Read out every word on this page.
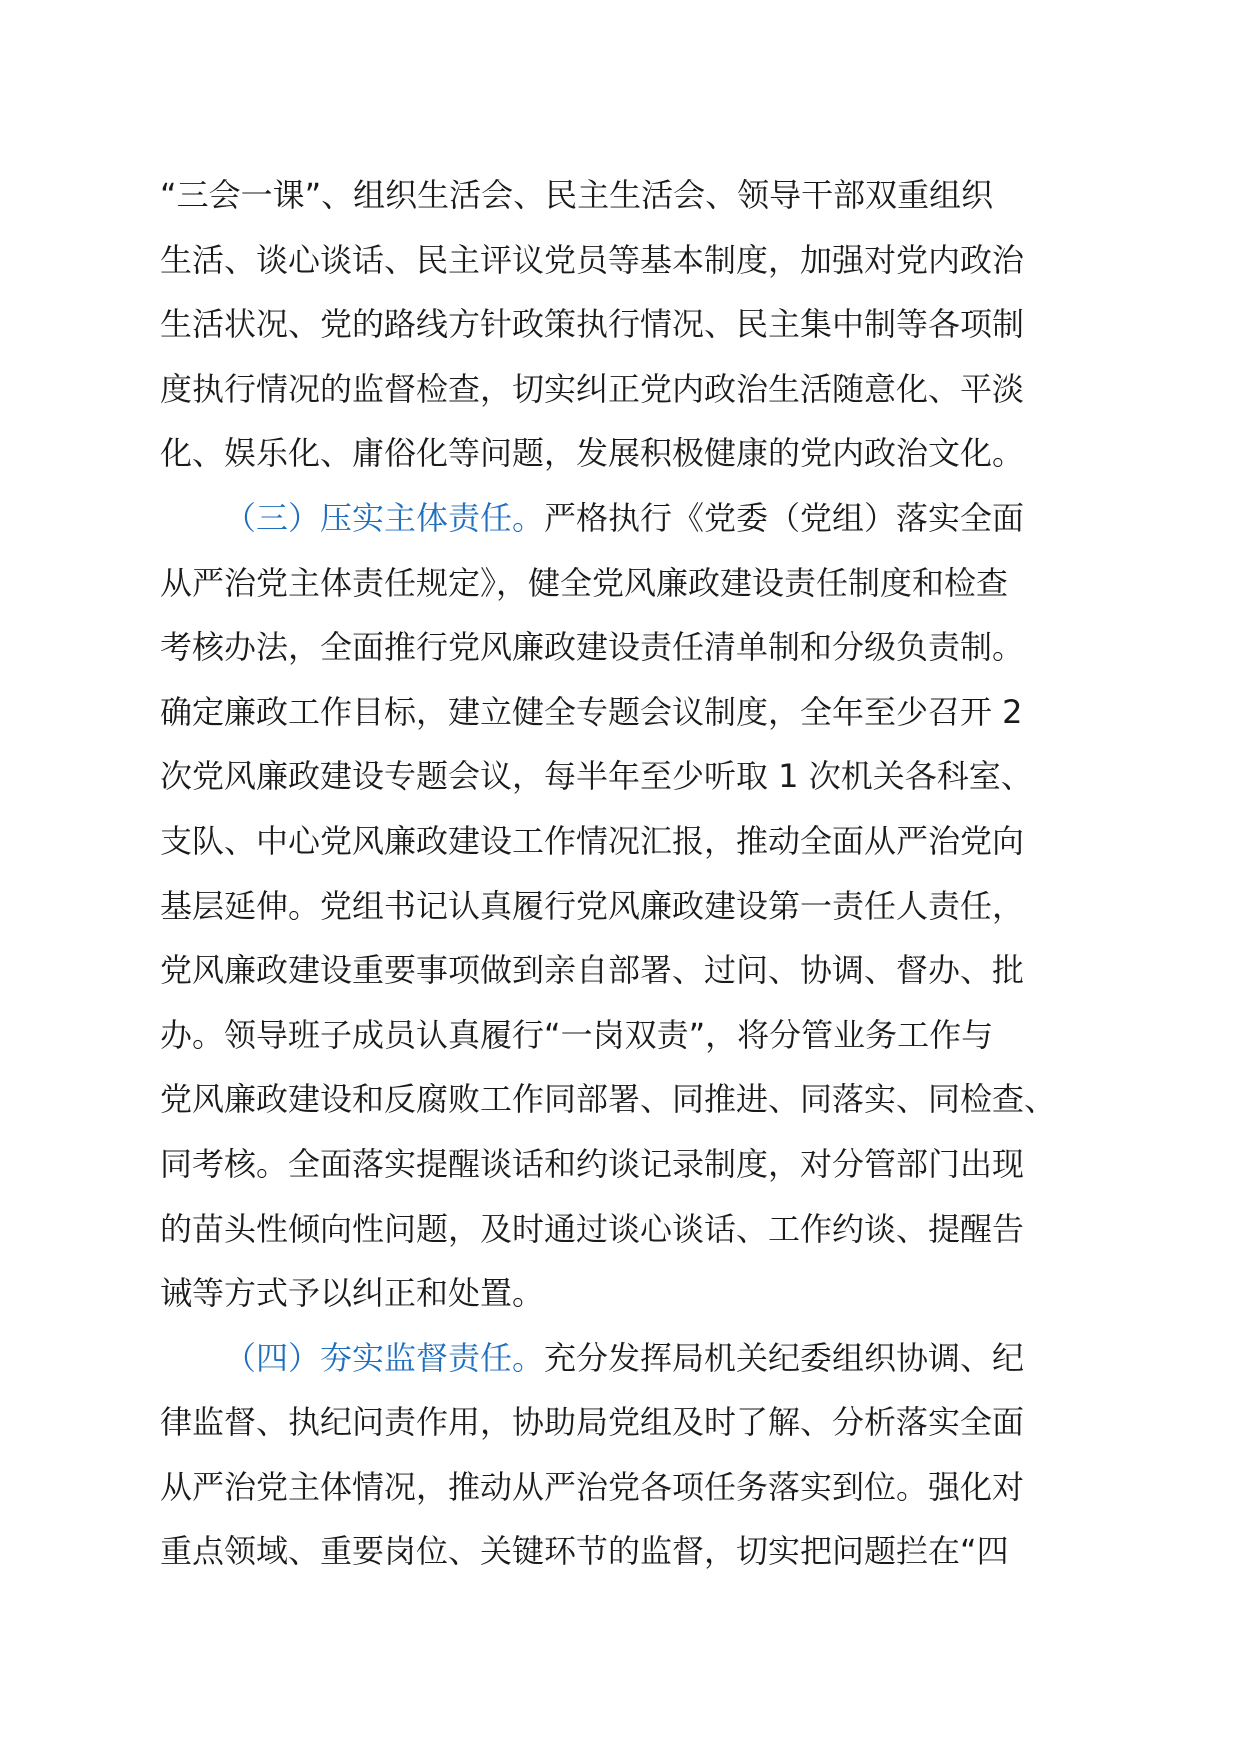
“三会一课”、组织生活会、民主生活会、领导干部双重组织
生活、谈心谈话、民主评议党员等基本制度，加强对党内政治
生活状况、党的路线方针政策执行情况、民主集中制等各项制
度执行情况的监督检查，切实纠正党内政治生活随意化、平淡
化、娱乐化、庸俗化等问题，发展积极健康的党内政治文化。

（三）压实主体责任。严格执行《党委（党组）落实全面
从严治党主体责任规定》，健全党风廉政建设责任制度和检查
考核办法，全面推行党风廉政建设责任清单制和分级负责制。
确定廉政工作目标，建立健全专题会议制度，全年至少召开 2
次党风廉政建设专题会议，每半年至少听取 1 次机关各科室、
支队、中心党风廉政建设工作情况汇报，推动全面从严治党向
基层延伸。党组书记认真履行党风廉政建设第一责任人责任，
党风廉政建设重要事项做到亲自部署、过问、协调、督办、批
办。领导班子成员认真履行“一岗双责”，将分管业务工作与
党风廉政建设和反腐败工作同部署、同推进、同落实、同检查、
同考核。全面落实提醒谈话和约谈记录制度，对分管部门出现
的苗头性倾向性问题，及时通过谈心谈话、工作约谈、提醒告
诫等方式予以纠正和处置。

（四）夯实监督责任。充分发挥局机关纪委组织协调、纪
律监督、执纪问责作用，协助局党组及时了解、分析落实全面
从严治党主体情况，推动从严治党各项任务落实到位。强化对
重点领域、重要岗位、关键环节的监督，切实把问题拦在“四
